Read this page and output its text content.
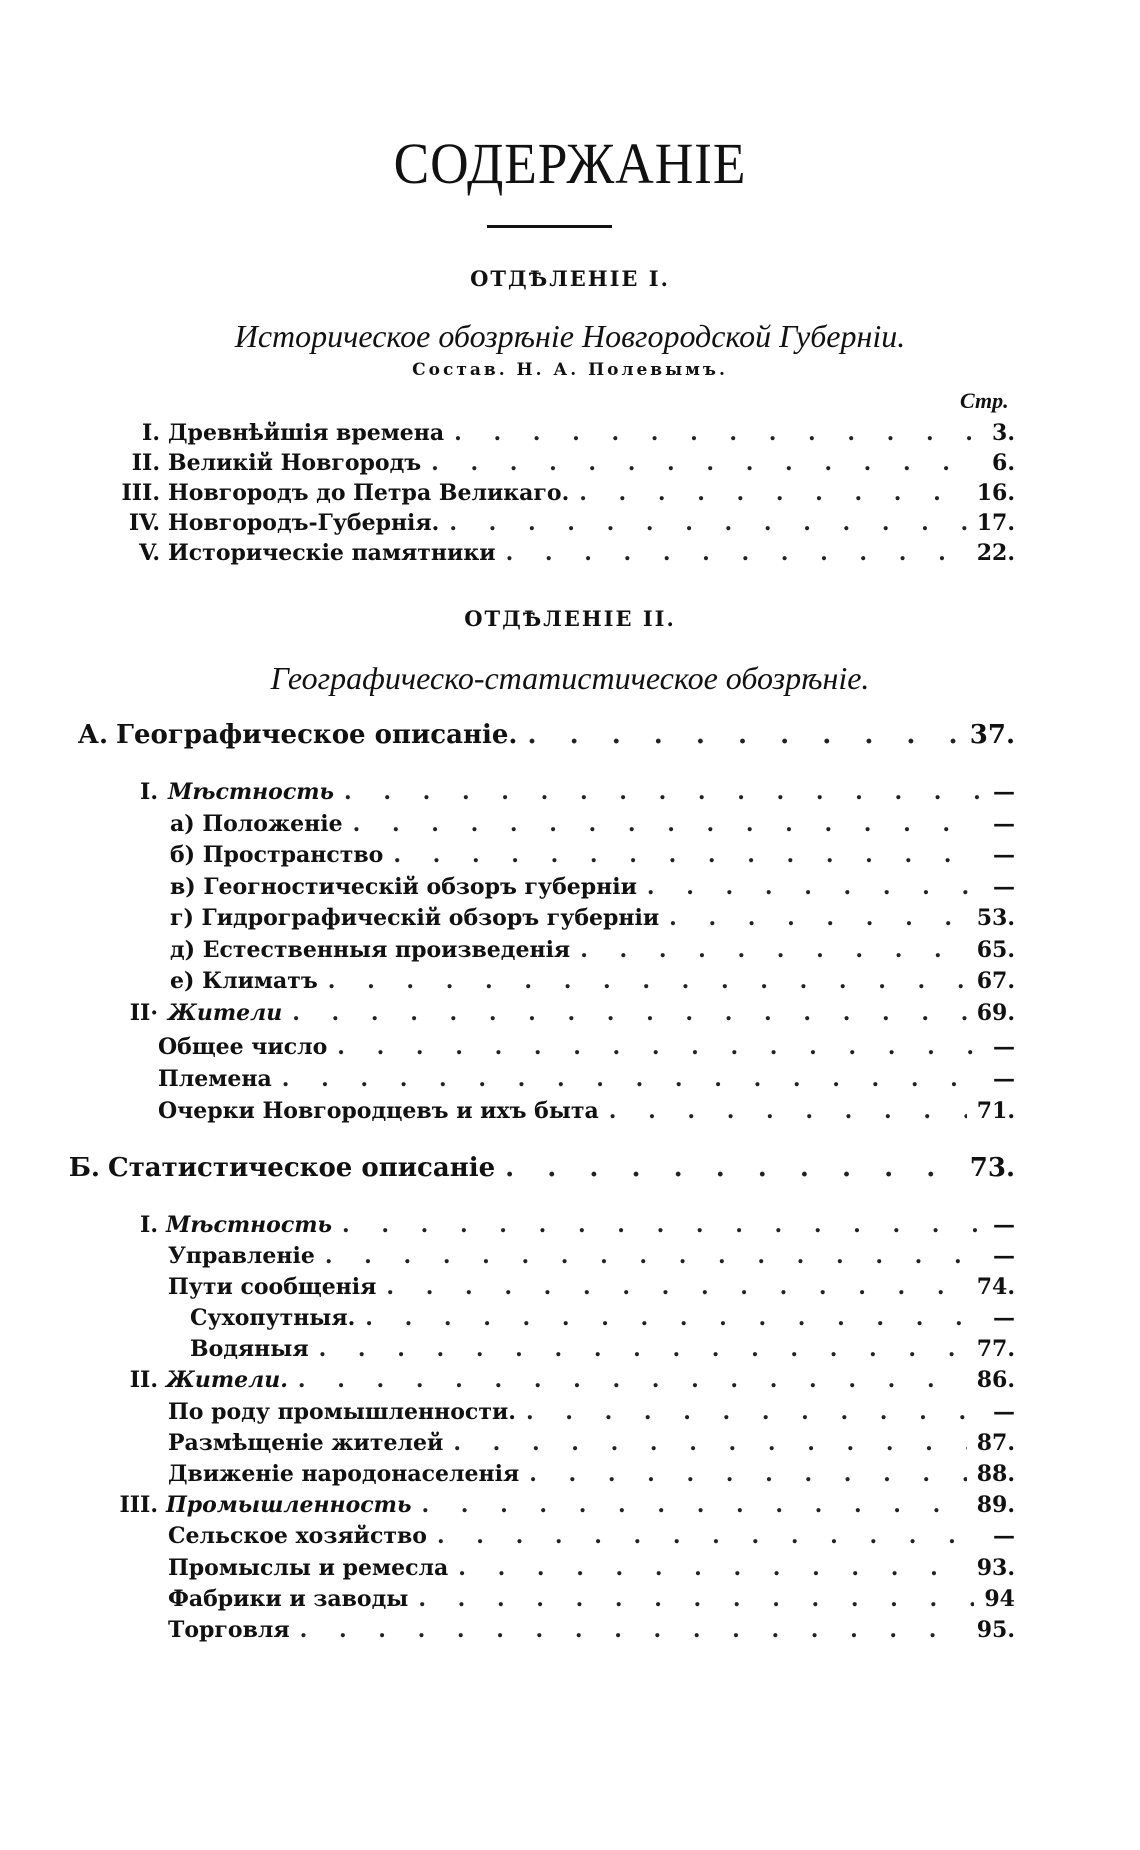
СОДЕРЖАНІЕ
ОТДѢЛЕНІЕ I.
Историческое обозрѣніе Новгородской Губерніи.
Состав. Н. А. Полевымъ.
Стр.
I. Древнѣйшія времена	3.
. . .
II. Великій Новгородъ	6.
. . .
III. Новгородъ до Петра Великаго.	16.
. . .
IV. Новгородъ-Губернія.	17.
. . .
V. Историческіе памятники	22.
. . .
ОТДѢЛЕНІЕ II.
Географическо-статистическое обозрѣніе.
А. Географическое описаніе.	37.
. . .
I. Мѣстность	—
. . .
а) Положеніе	—
. . .
б) Пространство	—
. . .
в) Геогностическій обзоръ губерніи	—
. . .
г) Гидрографическій обзоръ губерніи	53.
. . .
д) Естественныя произведенія	65.
. . .
е) Климатъ	67.
. . .
II· Жители	69.
. . .
Общее число	—
. . .
Племена	—
. . .
Очерки Новгородцевъ и ихъ быта	71.
. . .
Б. Статистическое описаніе	73.
. . .
I. Мѣстность	—
. . .
Управленіе	—
. . .
Пути сообщенія	74.
. . .
Сухопутныя.	—
. . .
Водяныя	77.
. . .
II. Жители.	86.
. . .
По роду промышленности.	—
. . .
Размѣщеніе жителей	87.
. . .
Движеніе народонаселенія	88.
. . .
III. Промышленность	89.
. . .
Сельское хозяйство	—
. . .
Промыслы и ремесла	93.
. . .
Фабрики и заводы	94
. . .
Торговля	95.
. . .
